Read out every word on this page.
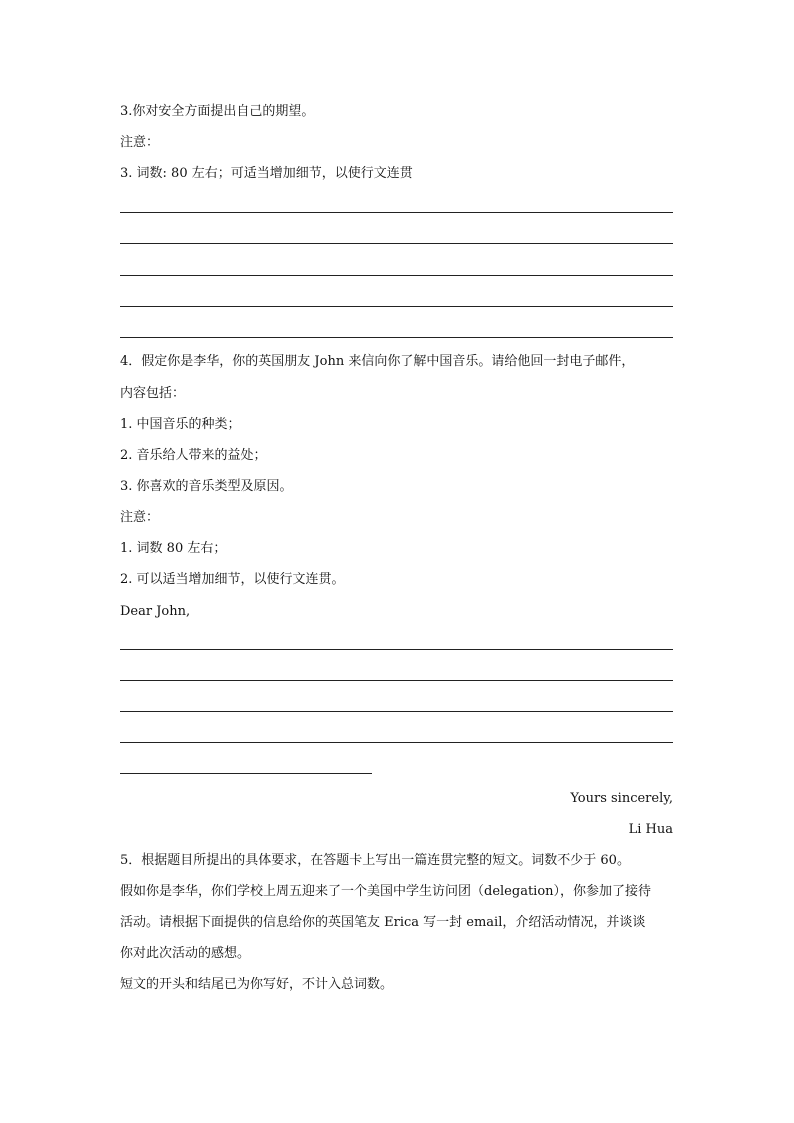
3.你对安全方面提出自己的期望。
注意：
3. 词数: 80 左右；可适当增加细节，以使行文连贯
4．假定你是李华，你的英国朋友 John 来信向你了解中国音乐。请给他回一封电子邮件，
内容包括：
1. 中国音乐的种类；
2. 音乐给人带来的益处；
3. 你喜欢的音乐类型及原因。
注意：
1. 词数 80 左右；
2. 可以适当增加细节，以使行文连贯。
Dear John,
Yours sincerely,
Li Hua
5．根据题目所提出的具体要求，在答题卡上写出一篇连贯完整的短文。词数不少于 60。
假如你是李华，你们学校上周五迎来了一个美国中学生访问团（delegation），你参加了接待
活动。请根据下面提供的信息给你的英国笔友 Erica 写一封 email，介绍活动情况，并谈谈
你对此次活动的感想。
短文的开头和结尾已为你写好，不计入总词数。
